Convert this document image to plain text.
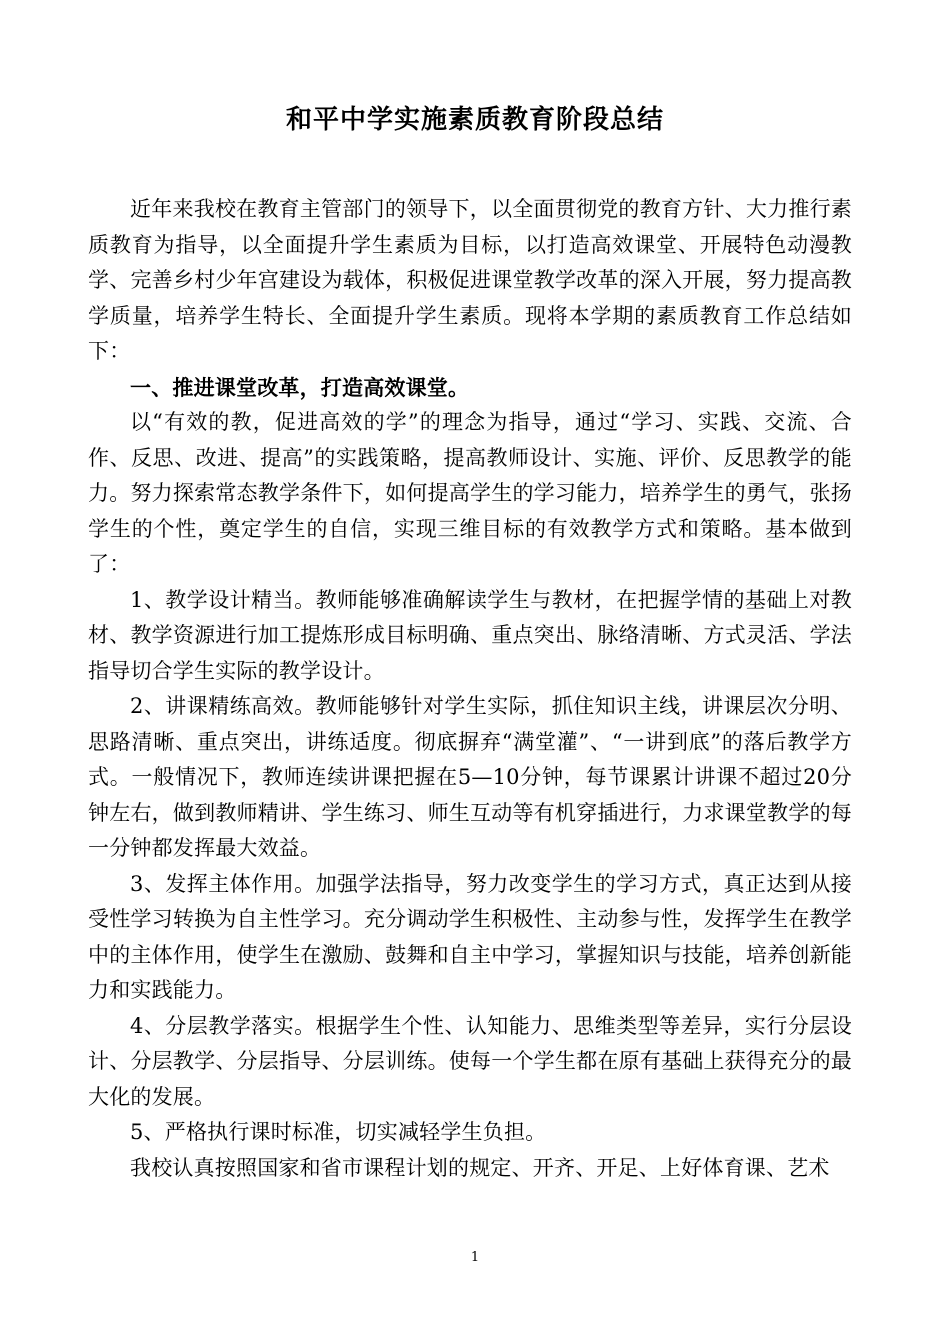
和平中学实施素质教育阶段总结

近年来我校在教育主管部门的领导下，以全面贯彻党的教育方针、大力推行素质教育为指导，以全面提升学生素质为目标，以打造高效课堂、开展特色动漫教学、完善乡村少年宫建设为载体，积极促进课堂教学改革的深入开展，努力提高教学质量，培养学生特长、全面提升学生素质。现将本学期的素质教育工作总结如下：

一、推进课堂改革，打造高效课堂。

以“有效的教，促进高效的学”的理念为指导，通过“学习、实践、交流、合作、反思、改进、提高”的实践策略，提高教师设计、实施、评价、反思教学的能力。努力探索常态教学条件下，如何提高学生的学习能力，培养学生的勇气，张扬学生的个性，奠定学生的自信，实现三维目标的有效教学方式和策略。基本做到了：

1、教学设计精当。教师能够准确解读学生与教材，在把握学情的基础上对教材、教学资源进行加工提炼形成目标明确、重点突出、脉络清晰、方式灵活、学法指导切合学生实际的教学设计。

2、讲课精练高效。教师能够针对学生实际，抓住知识主线，讲课层次分明、思路清晰、重点突出，讲练适度。彻底摒弃“满堂灌”、“一讲到底”的落后教学方式。一般情况下，教师连续讲课把握在5—10分钟，每节课累计讲课不超过20分钟左右，做到教师精讲、学生练习、师生互动等有机穿插进行，力求课堂教学的每一分钟都发挥最大效益。

3、发挥主体作用。加强学法指导，努力改变学生的学习方式，真正达到从接受性学习转换为自主性学习。充分调动学生积极性、主动参与性，发挥学生在教学中的主体作用，使学生在激励、鼓舞和自主中学习，掌握知识与技能，培养创新能力和实践能力。

4、分层教学落实。根据学生个性、认知能力、思维类型等差异，实行分层设计、分层教学、分层指导、分层训练。使每一个学生都在原有基础上获得充分的最大化的发展。

5、严格执行课时标准，切实减轻学生负担。

我校认真按照国家和省市课程计划的规定、开齐、开足、上好体育课、艺术

1
